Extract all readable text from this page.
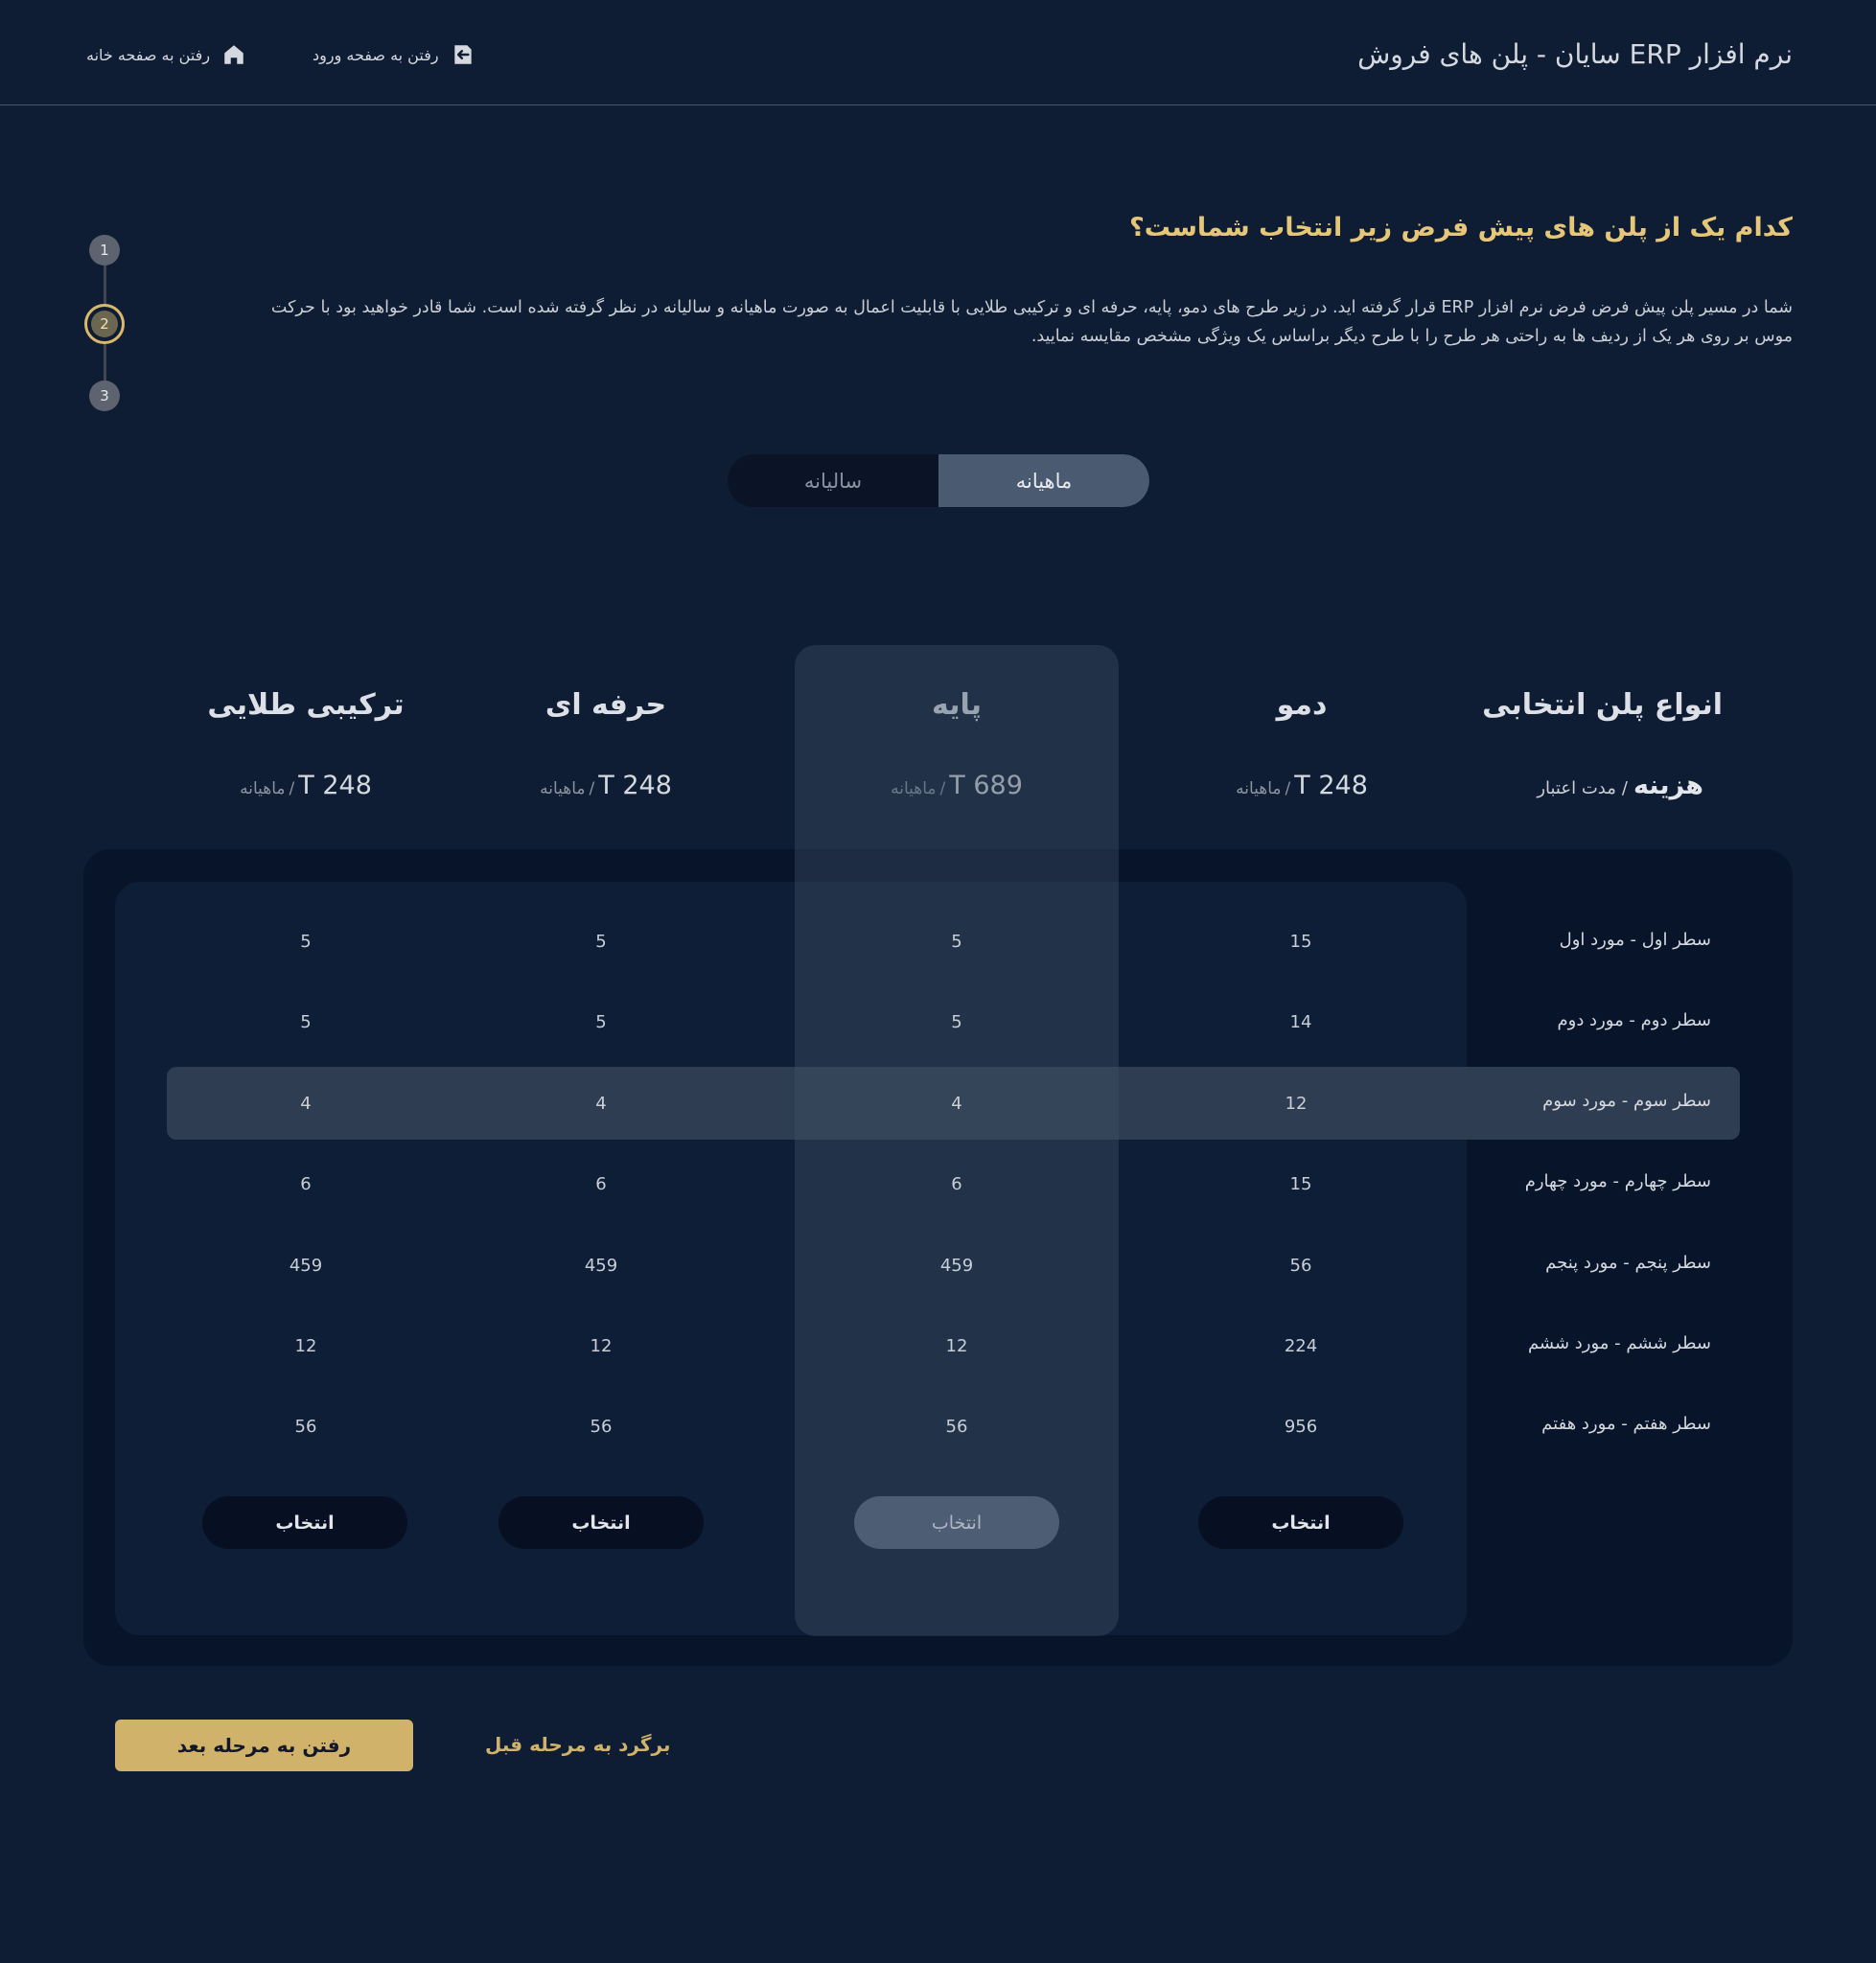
نرم افزار ERP سایان - پلن های فروش
رفتن به صفحه خانه	رفتن به صفحه ورود
1
2
3
کدام یک از پلن های پیش فرض زیر انتخاب شماست؟
شما در مسیر پلن پیش فرض فرض نرم افزار ERP قرار گرفته اید. در زیر طرح های دمو، پایه، حرفه ای و ترکیبی طلایی با قابلیت اعمال به صورت ماهیانه و سالیانه در نظر گرفته شده است. شما قادر خواهید بود با حرکت موس بر روی هر یک از ردیف ها به راحتی هر طرح را با طرح دیگر براساس یک ویژگی مشخص مقایسه نمایید.
ماهیانه
سالیانه
انواع پلن انتخابی
هزینه/مدت اعتبار
دمو
پایه
حرفه ای
ترکیبی طلایی
248 T/ماهیانه
689 T/ماهیانه
248 T/ماهیانه
248 T/ماهیانه
سطر اول - مورد اول
15
5
5
5
سطر دوم - مورد دوم
14
5
5
5
سطر سوم - مورد سوم
12
4
4
4
سطر چهارم - مورد چهارم
15
6
6
6
سطر پنجم - مورد پنجم
56
459
459
459
سطر ششم - مورد ششم
224
12
12
12
سطر هفتم - مورد هفتم
956
56
56
56
انتخاب
انتخاب
انتخاب
انتخاب
رفتن به مرحله بعد	برگرد به مرحله قبل
